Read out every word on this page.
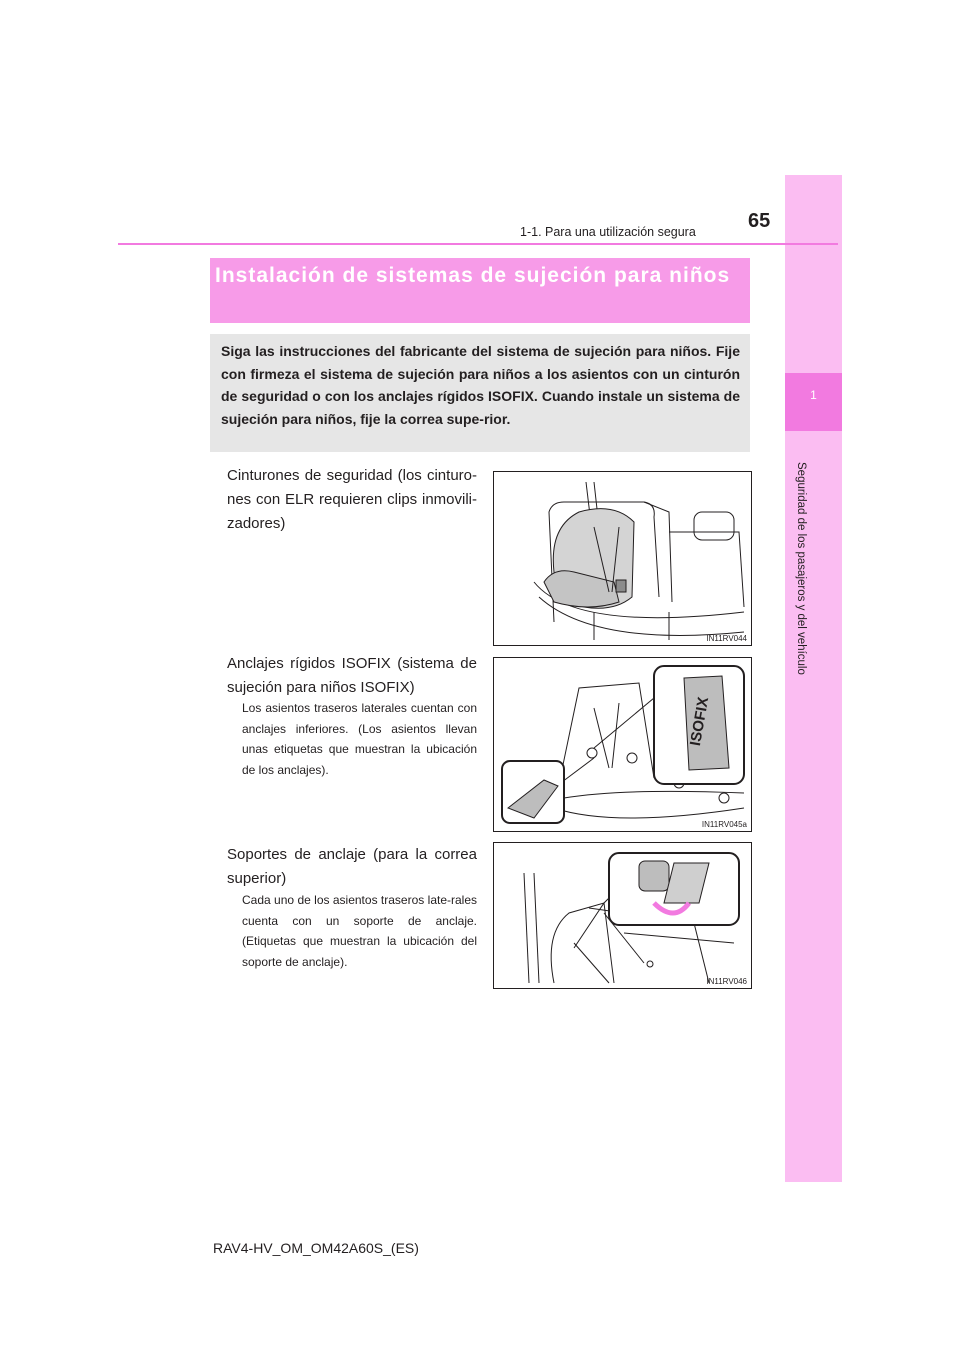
1
Seguridad de los pasajeros y del vehículo
1-1. Para una utilización segura	65
Instalación de sistemas de sujeción para niños
Siga las instrucciones del fabricante del sistema de sujeción para niños. Fije con firmeza el sistema de sujeción para niños a los asientos con un cinturón de seguridad o con los anclajes rígidos ISOFIX. Cuando instale un sistema de sujeción para niños, fije la correa supe-rior.
Cinturones de seguridad (los cinturo-nes con ELR requieren clips inmovili-zadores)
IN11RV044
Anclajes rígidos ISOFIX (sistema de sujeción para niños ISOFIX)
Los asientos traseros laterales cuentan con anclajes inferiores. (Los asientos llevan unas etiquetas que muestran la ubicación de los anclajes).
ISOFIX
IN11RV045a
Soportes de anclaje (para la correa superior)
Cada uno de los asientos traseros late-rales cuenta con un soporte de anclaje. (Etiquetas que muestran la ubicación del soporte de anclaje).
IN11RV046
RAV4-HV_OM_OM42A60S_(ES)
